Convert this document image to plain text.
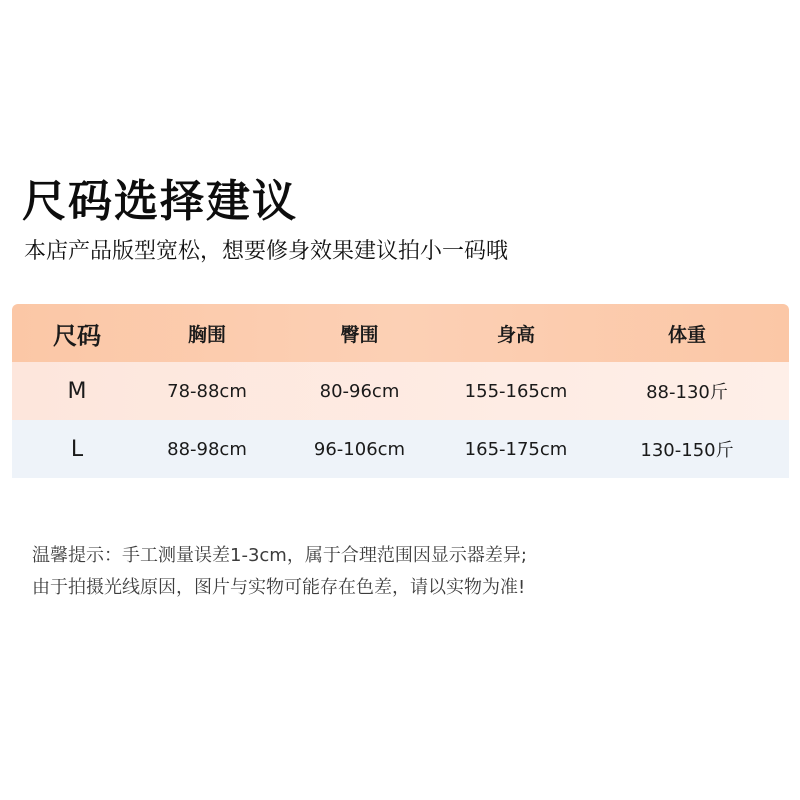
尺码选择建议
本店产品版型宽松，想要修身效果建议拍小一码哦
尺码	胸围	臀围	身高	体重
M	78-88cm	80-96cm	155-165cm	88-130斤
L	88-98cm	96-106cm	165-175cm	130-150斤
温馨提示：手工测量误差1-3cm，属于合理范围因显示器差异;
由于拍摄光线原因，图片与实物可能存在色差，请以实物为准!
